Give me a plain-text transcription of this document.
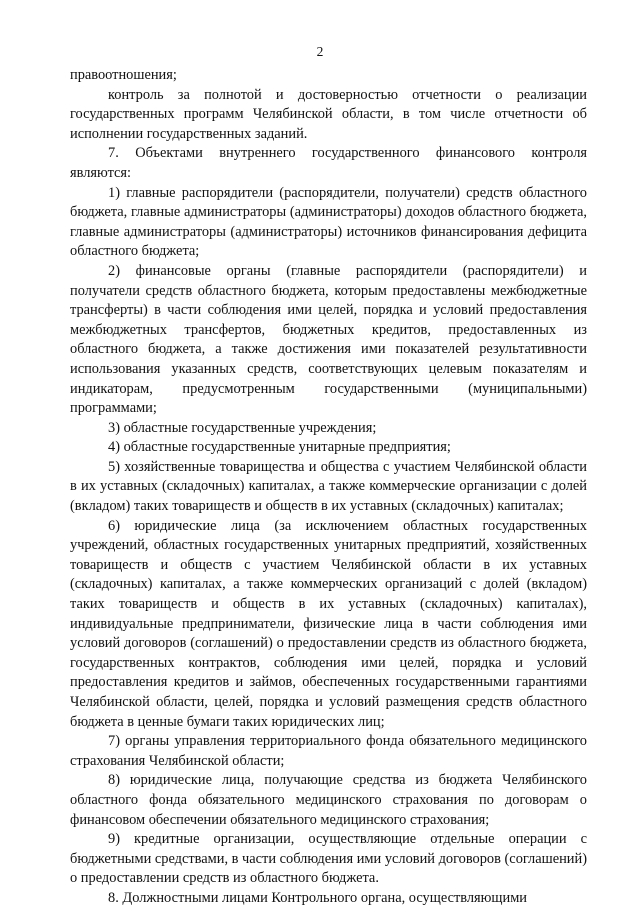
2

правоотношения;

контроль за полнотой и достоверностью отчетности о реализации государственных программ Челябинской области, в том числе отчетности об исполнении государственных заданий.

7. Объектами внутреннего государственного финансового контроля являются:

1) главные распорядители (распорядители, получатели) средств областного бюджета, главные администраторы (администраторы) доходов областного бюджета, главные администраторы (администраторы) источников финансирования дефицита областного бюджета;

2) финансовые органы (главные распорядители (распорядители) и получатели средств областного бюджета, которым предоставлены межбюджетные трансферты) в части соблюдения ими целей, порядка и условий предоставления межбюджетных трансфертов, бюджетных кредитов, предоставленных из областного бюджета, а также достижения ими показателей результативности использования указанных средств, соответствующих целевым показателям и индикаторам, предусмотренным государственными (муниципальными) программами;

3) областные государственные учреждения;

4) областные государственные унитарные предприятия;

5) хозяйственные товарищества и общества с участием Челябинской области в их уставных (складочных) капиталах, а также коммерческие организации с долей (вкладом) таких товариществ и обществ в их уставных (складочных) капиталах;

6) юридические лица (за исключением областных государственных учреждений, областных государственных унитарных предприятий, хозяйственных товариществ и обществ с участием Челябинской области в их уставных (складочных) капиталах, а также коммерческих организаций с долей (вкладом) таких товариществ и обществ в их уставных (складочных) капиталах), индивидуальные предприниматели, физические лица в части соблюдения ими условий договоров (соглашений) о предоставлении средств из областного бюджета, государственных контрактов, соблюдения ими целей, порядка и условий предоставления кредитов и займов, обеспеченных государственными гарантиями Челябинской области, целей, порядка и условий размещения средств областного бюджета в ценные бумаги таких юридических лиц;

7) органы управления территориального фонда обязательного медицинского страхования Челябинской области;

8) юридические лица, получающие средства из бюджета Челябинского областного фонда обязательного медицинского страхования по договорам о финансовом обеспечении обязательного медицинского страхования;

9) кредитные организации, осуществляющие отдельные операции с бюджетными средствами, в части соблюдения ими условий договоров (соглашений) о предоставлении средств из областного бюджета.

8. Должностными лицами Контрольного органа, осуществляющими
